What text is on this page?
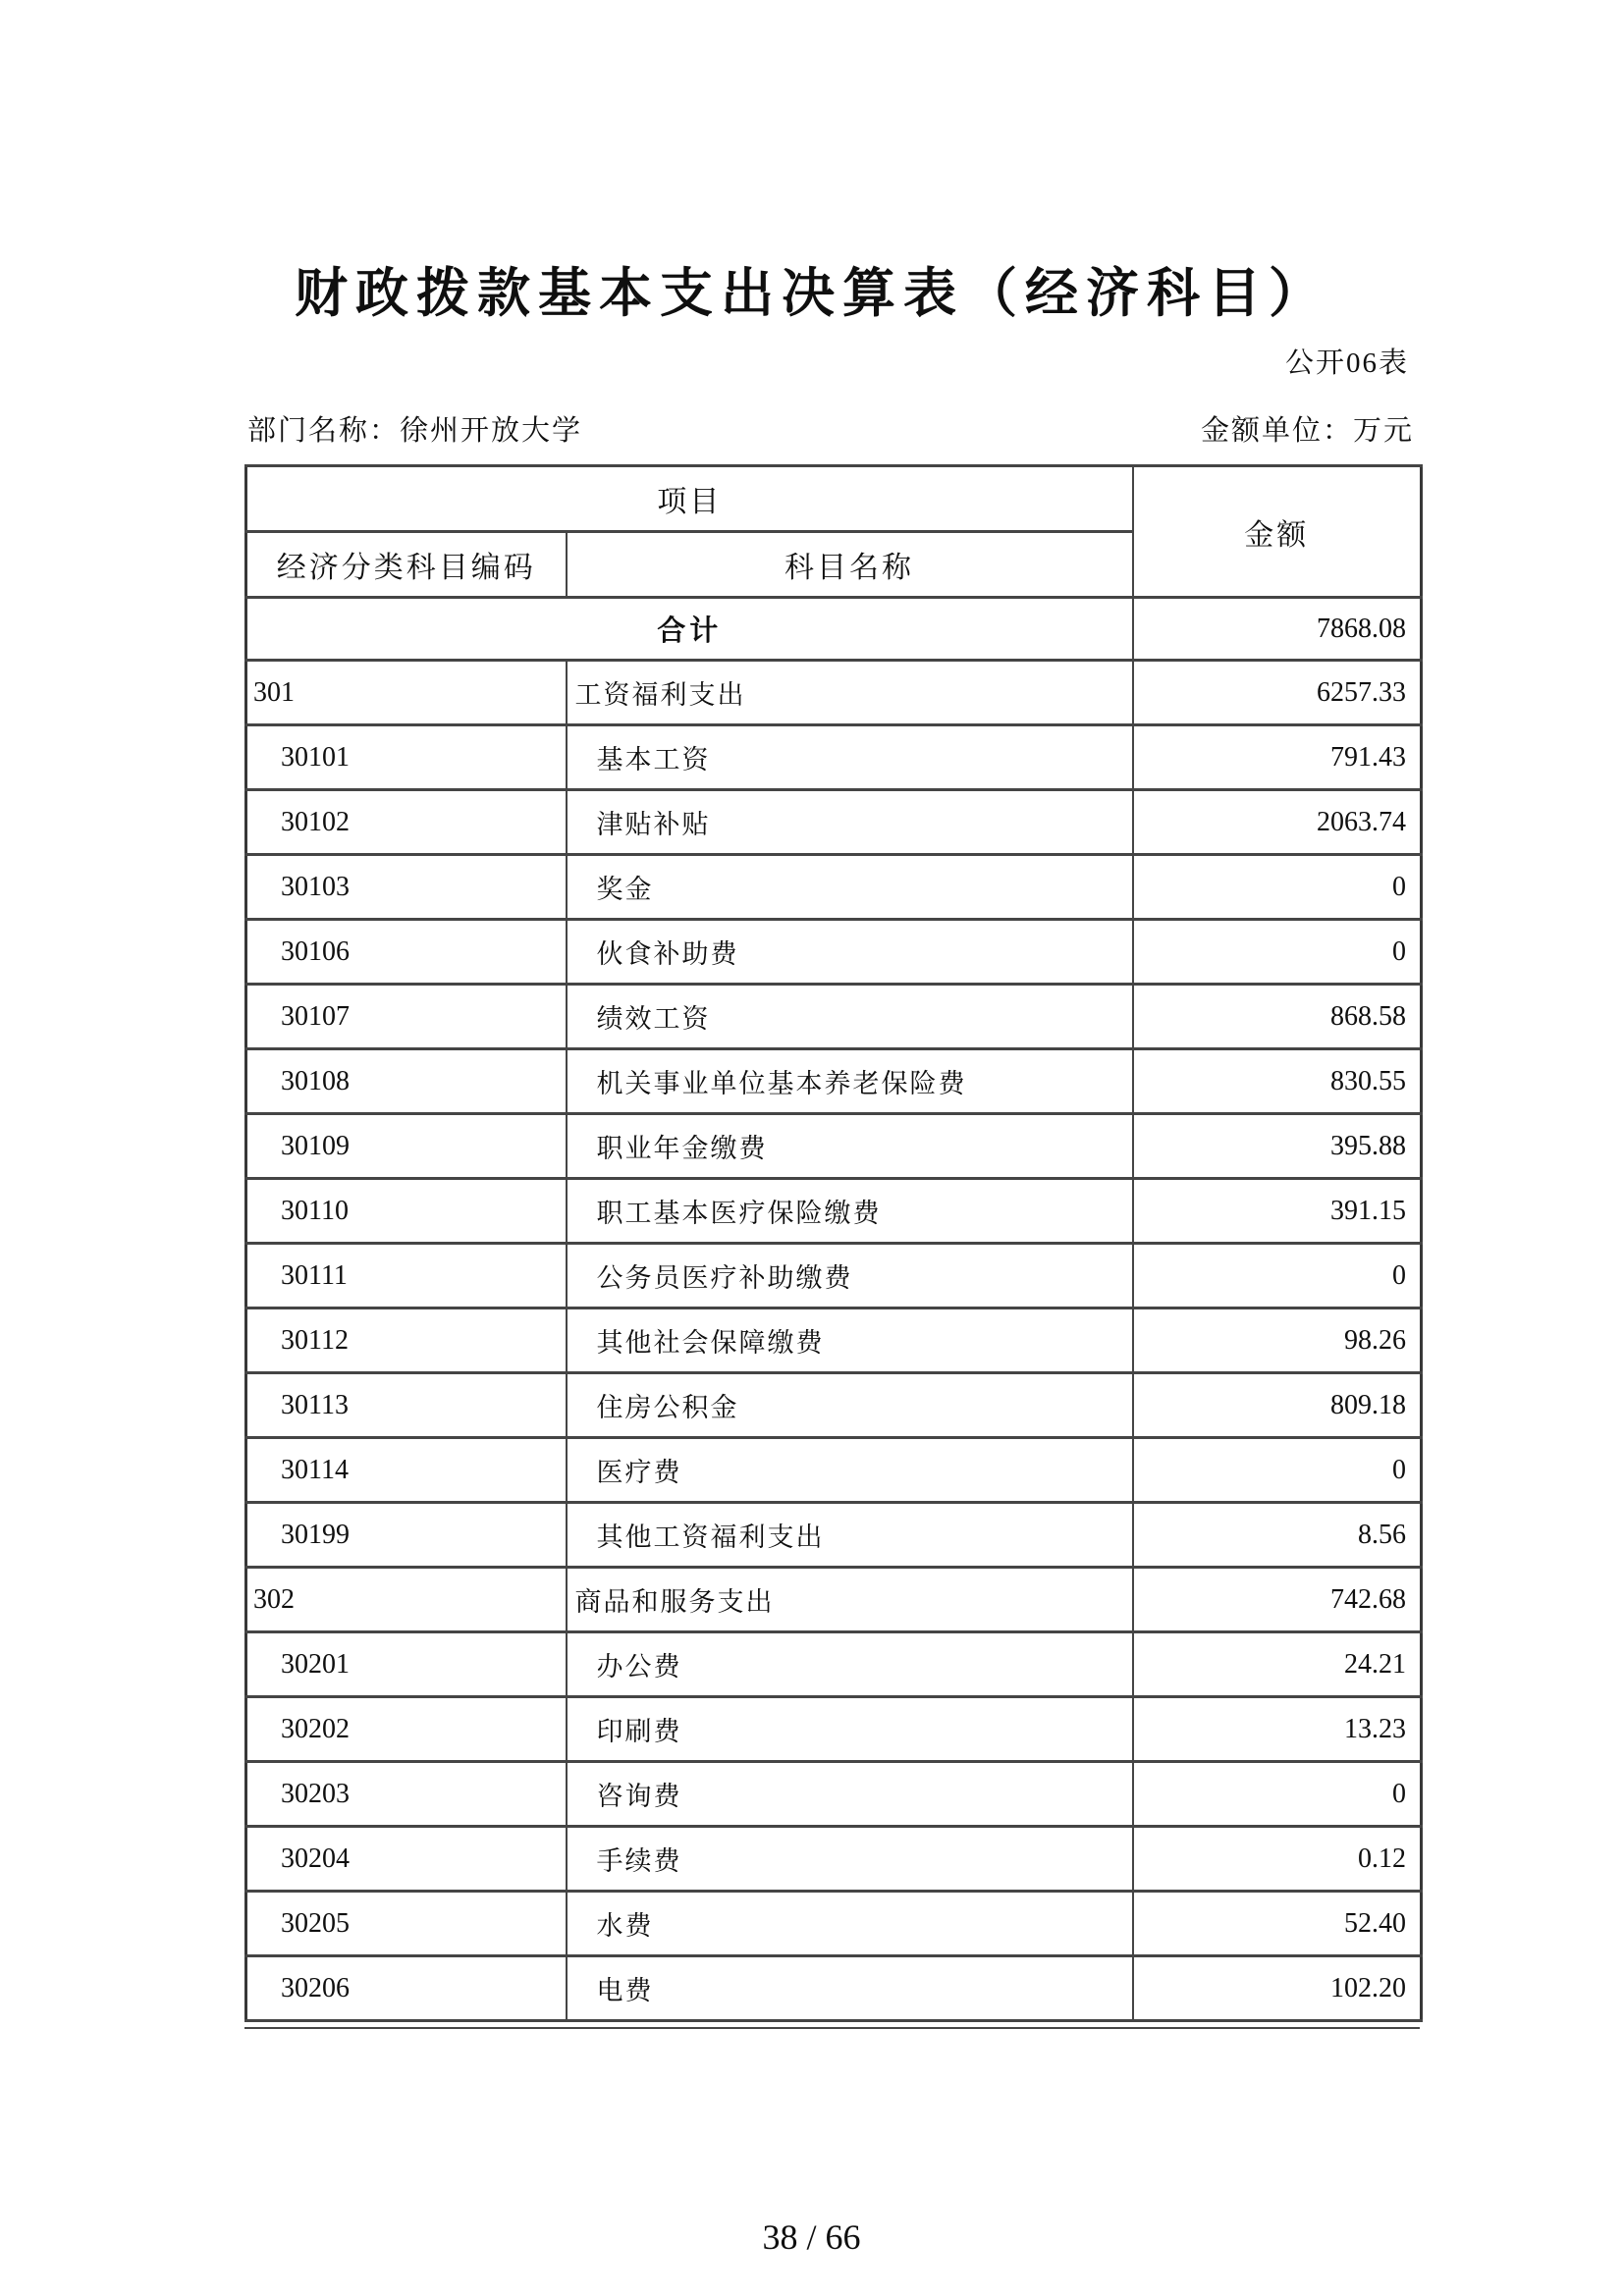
财政拨款基本支出决算表（经济科目）
公开06表
部门名称：徐州开放大学	金额单位：万元
项目		金额
经济分类科目编码	科目名称	
合计		7868.08
301	工资福利支出	6257.33
30101	基本工资	791.43
30102	津贴补贴	2063.74
30103	奖金	0
30106	伙食补助费	0
30107	绩效工资	868.58
30108	机关事业单位基本养老保险费	830.55
30109	职业年金缴费	395.88
30110	职工基本医疗保险缴费	391.15
30111	公务员医疗补助缴费	0
30112	其他社会保障缴费	98.26
30113	住房公积金	809.18
30114	医疗费	0
30199	其他工资福利支出	8.56
302	商品和服务支出	742.68
30201	办公费	24.21
30202	印刷费	13.23
30203	咨询费	0
30204	手续费	0.12
30205	水费	52.40
30206	电费	102.20
38 / 66
